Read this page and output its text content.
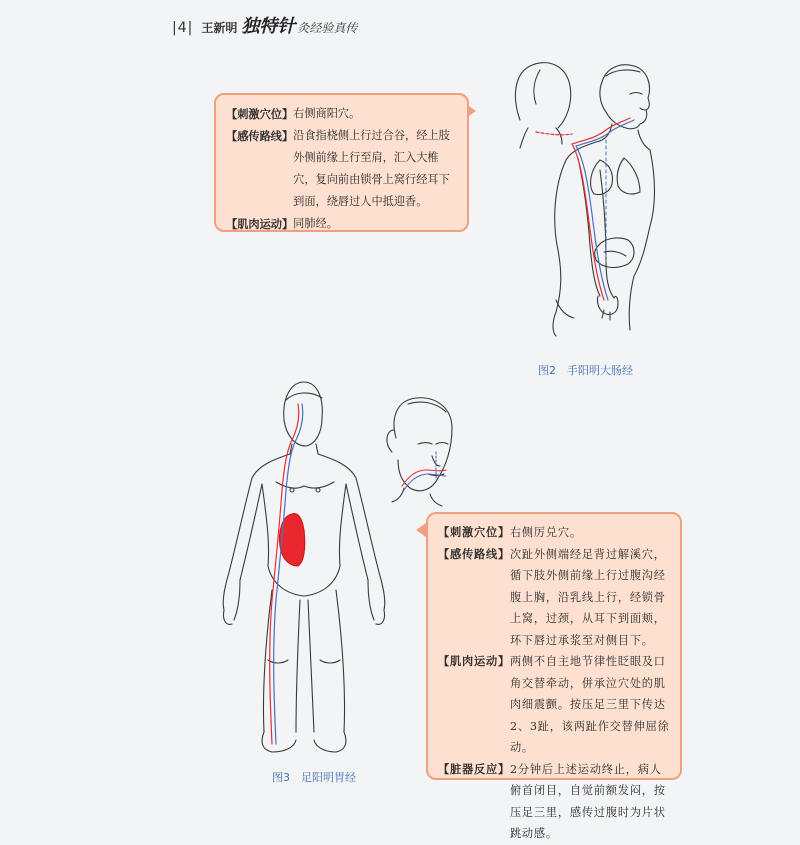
|4| 王新明 独特针 灸经验真传
【刺激穴位】 右侧商阳穴。
【感传路线】 沿食指桡侧上行过合谷，经上肢外侧前缘上行至肩，汇入大椎穴，复向前由锁骨上窝行经耳下到面，绕唇过人中抵迎香。
【肌肉运动】 同肺经。
图2　手阳明大肠经
【刺激穴位】 右侧厉兑穴。
【感传路线】 次趾外侧端经足背过解溪穴，循下肢外侧前缘上行过腹沟经腹上胸，沿乳线上行，经锁骨上窝，过颈，从耳下到面颊，环下唇过承浆至对侧目下。
【肌肉运动】 两侧不自主地节律性眨眼及口角交替牵动，併承泣穴处的肌肉细震颤。按压足三里下传达2、3趾，该两趾作交替伸屈徐动。
【脏器反应】 2分钟后上述运动终止，病人俯首闭目，自觉前额发闷，按压足三里，感传过腹时为片状跳动感。
图3　足阳明胃经
